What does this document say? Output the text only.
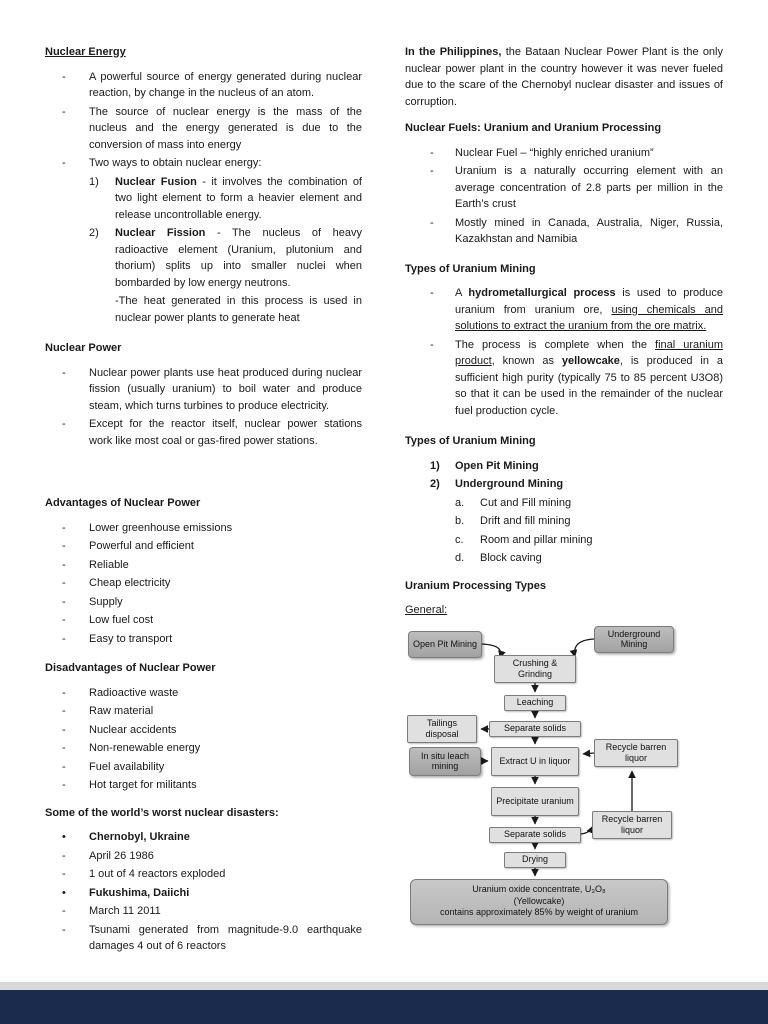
Nuclear Energy
-	A powerful source of energy generated during nuclear reaction, by change in the nucleus of an atom.
-	The source of nuclear energy is the mass of the nucleus and the energy generated is due to the conversion of mass into energy
-	Two ways to obtain nuclear energy:
1)	Nuclear Fusion - it involves the combination of two light element to form a heavier element and release uncontrollable energy.
2)	Nuclear Fission - The nucleus of heavy radioactive element (Uranium, plutonium and thorium) splits up into smaller nuclei when bombarded by low energy neutrons.
-The heat generated in this process is used in nuclear power plants to generate heat
Nuclear Power
-	Nuclear power plants use heat produced during nuclear fission (usually uranium) to boil water and produce steam, which turns turbines to produce electricity.
-	Except for the reactor itself, nuclear power stations work like most coal or gas-fired power stations.
Advantages of Nuclear Power
-	Lower greenhouse emissions
-	Powerful and efficient
-	Reliable
-	Cheap electricity
-	Supply
-	Low fuel cost
-	Easy to transport
Disadvantages of Nuclear Power
-	Radioactive waste
-	Raw material
-	Nuclear accidents
-	Non-renewable energy
-	Fuel availability
-	Hot target for militants
Some of the world’s worst nuclear disasters:
•	Chernobyl, Ukraine
-	April 26 1986
-	1 out of 4 reactors exploded
•	Fukushima, Daiichi
-	March 11 2011
-	Tsunami generated from magnitude-9.0 earthquake damages 4 out of 6 reactors

In the Philippines, the Bataan Nuclear Power Plant is the only nuclear power plant in the country however it was never fueled due to the scare of the Chernobyl nuclear disaster and issues of corruption.

Nuclear Fuels: Uranium and Uranium Processing
-	Nuclear Fuel – “highly enriched uranium”
-	Uranium is a naturally occurring element with an average concentration of 2.8 parts per million in the Earth’s crust
-	Mostly mined in Canada, Australia, Niger, Russia, Kazakhstan and Namibia
Types of Uranium Mining
-	A hydrometallurgical process is used to produce uranium from uranium ore, using chemicals and solutions to extract the uranium from the ore matrix.
-	The process is complete when the final uranium product, known as yellowcake, is produced in a sufficient high purity (typically 75 to 85 percent U3O8) so that it can be used in the remainder of the nuclear fuel production cycle.
Types of Uranium Mining
1)	Open Pit Mining
2)	Underground Mining
a.	Cut and Fill mining
b.	Drift and fill mining
c.	Room and pillar mining
d.	Block caving
Uranium Processing Types
General:
Open Pit Mining
Underground Mining
Crushing & Grinding
Leaching
Separate solids
Tailings disposal
Extract U in liquor
In situ leach mining
Recycle barren liquor
Precipitate uranium
Separate solids
Recycle barren liquor
Drying
Uranium oxide concentrate, U₃O₈
(Yellowcake)
contains approximately 85% by weight of uranium
